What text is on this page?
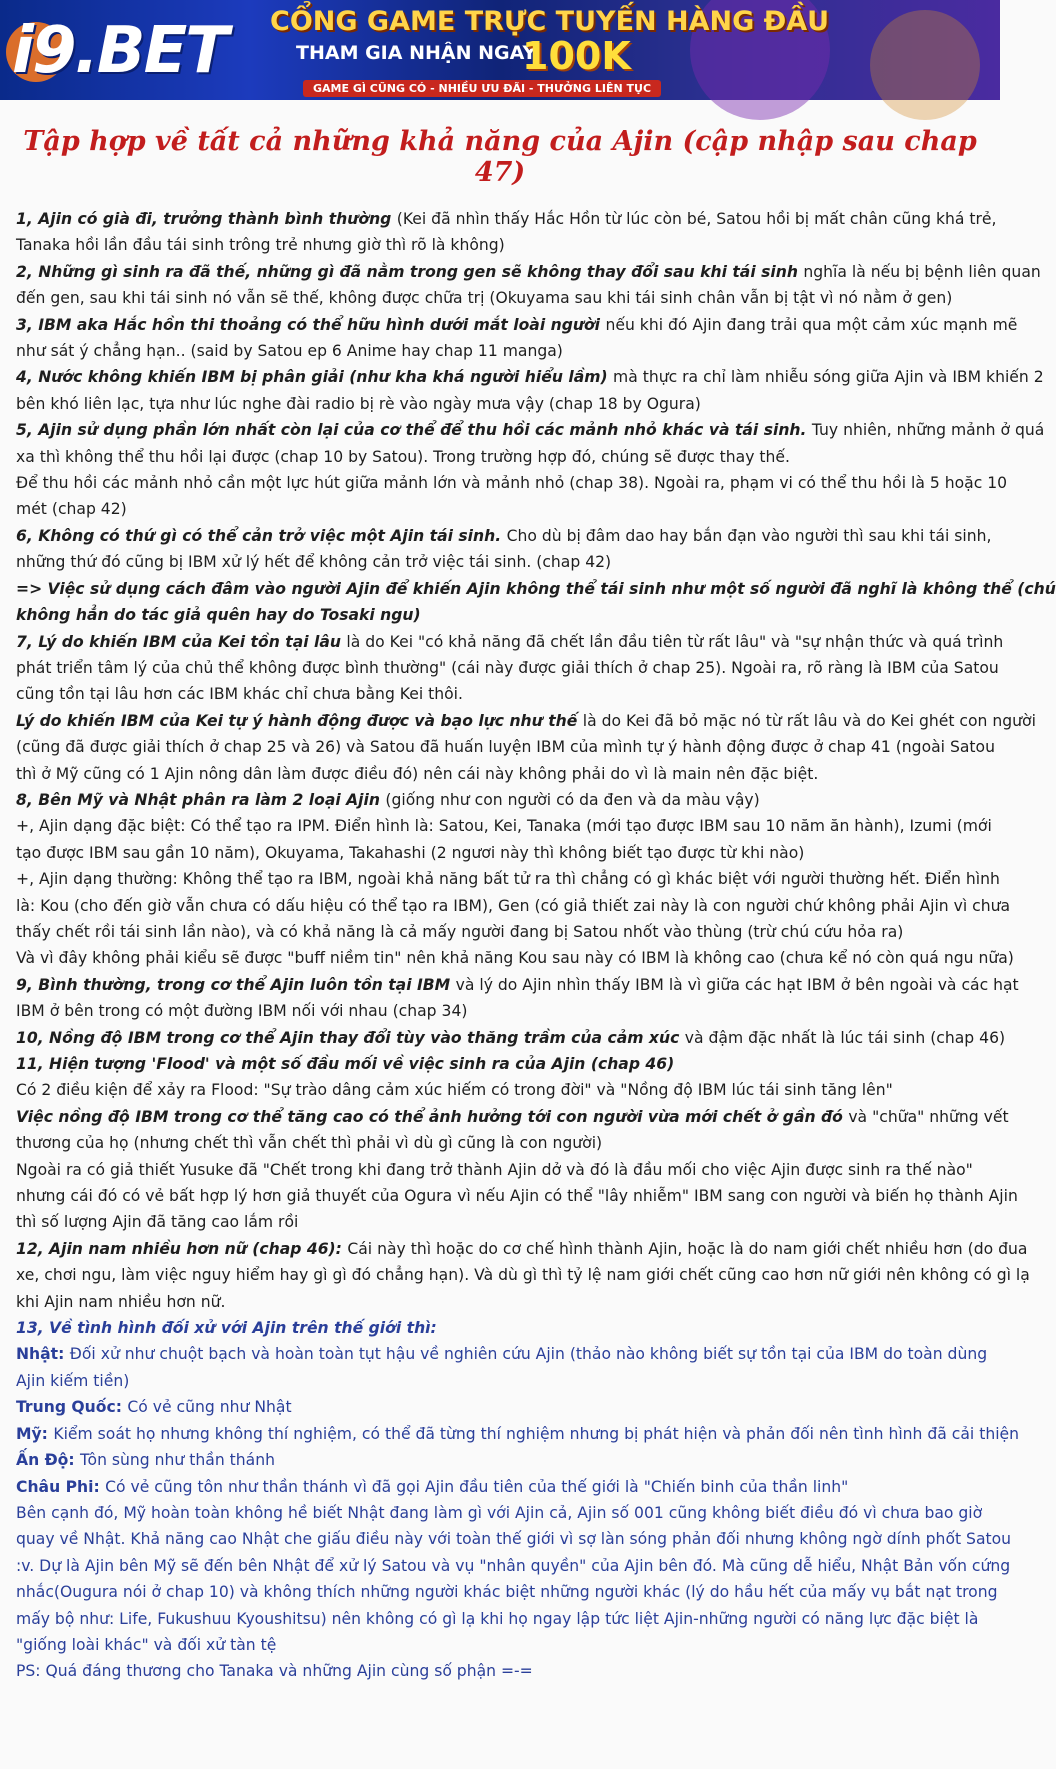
i9.BET CỔNG GAME TRỰC TUYẾN HÀNG ĐẦU
THAM GIA NHẬN NGAY
100K
GAME GÌ CŨNG CÓ - NHIỀU ƯU ĐÃI - THƯỞNG LIÊN TỤC
Tập hợp về tất cả những khả năng của Ajin (cập nhập sau chap 47)
1, Ajin có già đi, trưởng thành bình thường (Kei đã nhìn thấy Hắc Hồn từ lúc còn bé, Satou hồi bị mất chân cũng khá trẻ,
Tanaka hồi lần đầu tái sinh trông trẻ nhưng giờ thì rõ là không)
2, Những gì sinh ra đã thế, những gì đã nằm trong gen sẽ không thay đổi sau khi tái sinh nghĩa là nếu bị bệnh liên quan
đến gen, sau khi tái sinh nó vẫn sẽ thế, không được chữa trị (Okuyama sau khi tái sinh chân vẫn bị tật vì nó nằm ở gen)
3, IBM aka Hắc hồn thi thoảng có thể hữu hình dưới mắt loài người nếu khi đó Ajin đang trải qua một cảm xúc mạnh mẽ
như sát ý chẳng hạn.. (said by Satou ep 6 Anime hay chap 11 manga)
4, Nước không khiến IBM bị phân giải (như kha khá người hiểu lầm) mà thực ra chỉ làm nhiễu sóng giữa Ajin và IBM khiến 2
bên khó liên lạc, tựa như lúc nghe đài radio bị rè vào ngày mưa vậy (chap 18 by Ogura)
5, Ajin sử dụng phần lớn nhất còn lại của cơ thể để thu hồi các mảnh nhỏ khác và tái sinh. Tuy nhiên, những mảnh ở quá
xa thì không thể thu hồi lại được (chap 10 by Satou). Trong trường hợp đó, chúng sẽ được thay thế.
Để thu hồi các mảnh nhỏ cần một lực hút giữa mảnh lớn và mảnh nhỏ (chap 38). Ngoài ra, phạm vi có thể thu hồi là 5 hoặc 10
mét (chap 42)
6, Không có thứ gì có thể cản trở việc một Ajin tái sinh. Cho dù bị đâm dao hay bắn đạn vào người thì sau khi tái sinh,
những thứ đó cũng bị IBM xử lý hết để không cản trở việc tái sinh. (chap 42)
=> Việc sử dụng cách đâm vào người Ajin để khiến Ajin không thể tái sinh như một số người đã nghĩ là không thể (chú
không hẳn do tác giả quên hay do Tosaki ngu)
7, Lý do khiến IBM của Kei tồn tại lâu là do Kei "có khả năng đã chết lần đầu tiên từ rất lâu" và "sự nhận thức và quá trình
phát triển tâm lý của chủ thể không được bình thường" (cái này được giải thích ở chap 25). Ngoài ra, rõ ràng là IBM của Satou
cũng tồn tại lâu hơn các IBM khác chỉ chưa bằng Kei thôi.
Lý do khiến IBM của Kei tự ý hành động được và bạo lực như thế là do Kei đã bỏ mặc nó từ rất lâu và do Kei ghét con người
(cũng đã được giải thích ở chap 25 và 26) và Satou đã huấn luyện IBM của mình tự ý hành động được ở chap 41 (ngoài Satou
thì ở Mỹ cũng có 1 Ajin nông dân làm được điều đó) nên cái này không phải do vì là main nên đặc biệt.
8, Bên Mỹ và Nhật phân ra làm 2 loại Ajin (giống như con người có da đen và da màu vậy)
+, Ajin dạng đặc biệt: Có thể tạo ra IPM. Điển hình là: Satou, Kei, Tanaka (mới tạo được IBM sau 10 năm ăn hành), Izumi (mới
tạo được IBM sau gần 10 năm), Okuyama, Takahashi (2 ngươi này thì không biết tạo được từ khi nào)
+, Ajin dạng thường: Không thể tạo ra IBM, ngoài khả năng bất tử ra thì chẳng có gì khác biệt với người thường hết. Điển hình
là: Kou (cho đến giờ vẫn chưa có dấu hiệu có thể tạo ra IBM), Gen (có giả thiết zai này là con người chứ không phải Ajin vì chưa
thấy chết rồi tái sinh lần nào), và có khả năng là cả mấy người đang bị Satou nhốt vào thùng (trừ chú cứu hỏa ra)
Và vì đây không phải kiểu sẽ được "buff niềm tin" nên khả năng Kou sau này có IBM là không cao (chưa kể nó còn quá ngu nữa)
9, Bình thường, trong cơ thể Ajin luôn tồn tại IBM và lý do Ajin nhìn thấy IBM là vì giữa các hạt IBM ở bên ngoài và các hạt
IBM ở bên trong có một đường IBM nối với nhau (chap 34)
10, Nồng độ IBM trong cơ thể Ajin thay đổi tùy vào thăng trầm của cảm xúc và đậm đặc nhất là lúc tái sinh (chap 46)
11, Hiện tượng 'Flood' và một số đầu mối về việc sinh ra của Ajin (chap 46)
Có 2 điều kiện để xảy ra Flood: "Sự trào dâng cảm xúc hiếm có trong đời" và "Nồng độ IBM lúc tái sinh tăng lên"
Việc nồng độ IBM trong cơ thể tăng cao có thể ảnh hưởng tới con người vừa mới chết ở gần đó và "chữa" những vết
thương của họ (nhưng chết thì vẫn chết thì phải vì dù gì cũng là con người)
Ngoài ra có giả thiết Yusuke đã "Chết trong khi đang trở thành Ajin dở và đó là đầu mối cho việc Ajin được sinh ra thế nào"
nhưng cái đó có vẻ bất hợp lý hơn giả thuyết của Ogura vì nếu Ajin có thể "lây nhiễm" IBM sang con người và biến họ thành Ajin
thì số lượng Ajin đã tăng cao lắm rồi
12, Ajin nam nhiều hơn nữ (chap 46): Cái này thì hoặc do cơ chế hình thành Ajin, hoặc là do nam giới chết nhiều hơn (do đua
xe, chơi ngu, làm việc nguy hiểm hay gì gì đó chẳng hạn). Và dù gì thì tỷ lệ nam giới chết cũng cao hơn nữ giới nên không có gì lạ
khi Ajin nam nhiều hơn nữ.
13, Về tình hình đối xử với Ajin trên thế giới thì:
Nhật: Đối xử như chuột bạch và hoàn toàn tụt hậu về nghiên cứu Ajin (thảo nào không biết sự tồn tại của IBM do toàn dùng
Ajin kiếm tiền)
Trung Quốc: Có vẻ cũng như Nhật
Mỹ: Kiểm soát họ nhưng không thí nghiệm, có thể đã từng thí nghiệm nhưng bị phát hiện và phản đối nên tình hình đã cải thiện
Ấn Độ: Tôn sùng như thần thánh
Châu Phi: Có vẻ cũng tôn như thần thánh vì đã gọi Ajin đầu tiên của thế giới là "Chiến binh của thần linh"
Bên cạnh đó, Mỹ hoàn toàn không hề biết Nhật đang làm gì với Ajin cả, Ajin số 001 cũng không biết điều đó vì chưa bao giờ
quay về Nhật. Khả năng cao Nhật che giấu điều này với toàn thế giới vì sợ làn sóng phản đối nhưng không ngờ dính phốt Satou
:v. Dự là Ajin bên Mỹ sẽ đến bên Nhật để xử lý Satou và vụ "nhân quyền" của Ajin bên đó. Mà cũng dễ hiểu, Nhật Bản vốn cứng
nhắc(Ougura nói ở chap 10) và không thích những người khác biệt những người khác (lý do hầu hết của mấy vụ bắt nạt trong
mấy bộ như: Life, Fukushuu Kyoushitsu) nên không có gì lạ khi họ ngay lập tức liệt Ajin-những người có năng lực đặc biệt là
"giống loài khác" và đối xử tàn tệ
PS: Quá đáng thương cho Tanaka và những Ajin cùng số phận =-=
